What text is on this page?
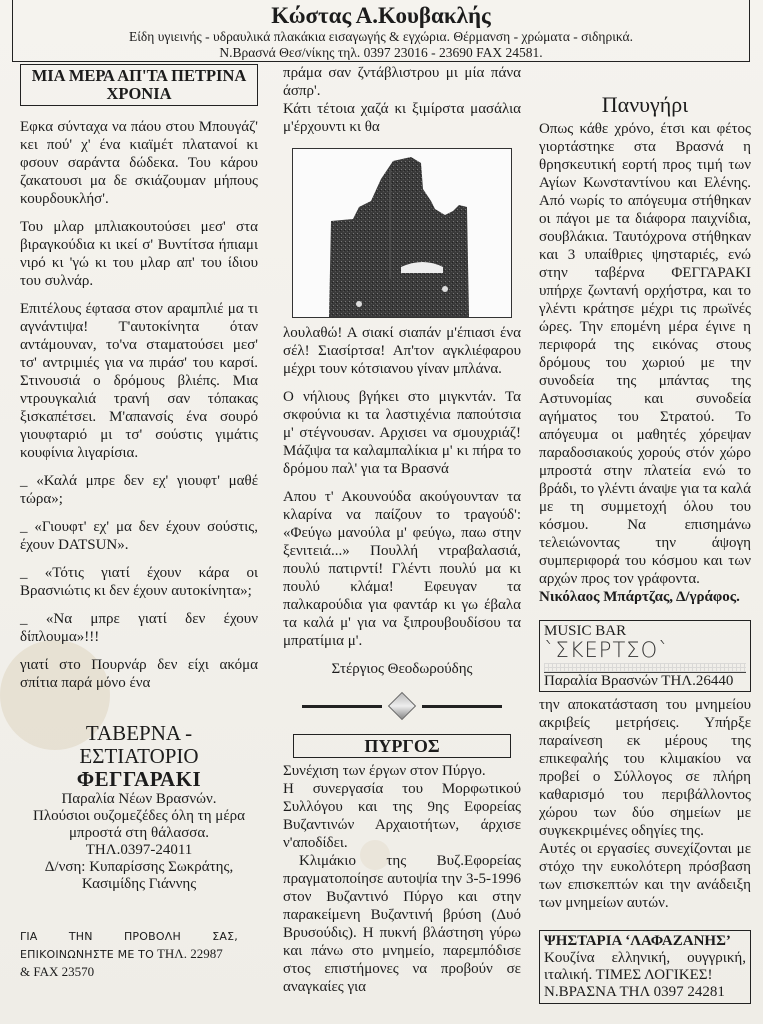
Κώστας Α.Κουβακλής
Είδη υγιεινής - υδραυλικά πλακάκια εισαγωγής & εγχώρια. Θέρμανση - χρώματα - σιδηρικά.
Ν.Βρασνά Θεσ/νίκης τηλ. 0397 23016 - 23690 FAX 24581.
ΜΙΑ ΜΕΡΑ ΑΠ'ΤΑ ΠΕΤΡΙΝΑ ΧΡΟΝΙΑ

Εφκα σύνταχα να πάου στου Μπουγάζ' κει πού' χ' ένα κιαϊμέτ πλατανοί κι φσουν σαράντα δώδεκα. Του κάρου ζακατουσι μα δε σκιάζουμαν μήπους κουρδουκλήσ'.

Του μλαρ μπλιακουτούσει μεσ' στα βιραγκούδια κι ικεί σ' Βυντίτσα ήπιαμι νιρό κι 'γώ κι του μλαρ απ' του ίδιου του συλνάρ.

Επιτέλους έφτασα στον αραμπλιέ μα τι αγνάντιψα! Τ'αυτοκίνητα όταν αντάμουναν, το'να σταματούσει μεσ' τσ' αντριμιές για να πιράσ' του καρσί. Στινουσιά ο δρόμους βλιέπς. Μια ντρουγκαλιά τρανή σαν τόπακας ξισκαπέτσει. Μ'απανσίς ένα σουρό γιουφταριό μι τσ' σούστις γιμάτις κουφίνια λιγαρίσια.

_ «Καλά μπρε δεν εχ' γιουφτ' μαθέ τώρα»;

_ «Γιουφτ' εχ' μα δεν έχουν σούστις, έχουν DATSUN».

_ «Τότις γιατί έχουν κάρα οι Βρασνιώτις κι δεν έχουν αυτοκίνητα»;

_ «Να μπρε γιατί δεν έχουν δίπλουμα»!!!

γιατί στο Πουρνάρ δεν είχι ακόμα σπίτια παρά μόνο ένα

ΤΑΒΕΡΝΑ -
ΕΣΤΙΑΤΟΡΙΟ
ΦΕΓΓΑΡΑΚΙ
Παραλία Νέων Βρασνών.
Πλούσιοι ουζομεζέδες όλη τη μέρα μπροστά στη θάλασσα.
ΤΗΛ.0397-24011
Δ/νση: Κυπαρίσσης Σωκράτης, Κασιμίδης Γιάννης
ΓΙΑ	ΤΗΝ	ΠΡΟΒΟΛΗ	ΣΑΣ,
ΕΠΙΚΟΙΝΩΝΗΣΤΕ ΜΕ ΤΟ ΤΗΛ. 22987
& FAX 23570

πράμα σαν ζντάβλιστρου μι μία πάνα άσπρ'.

Κάτι τέτοια χαζά κι ξιμίρστα μασάλια μ'έρχουντι κι θα

λουλαθώ! Α σιακί σιαπάν μ'έπιασι ένα σέλ! Σιασίρτσα! Απ'τον αγκλιέφαρου μέχρι τουν κότσιανου γίναν μπλάνα.

Ο νήλιους βγήκει στο μιγκντάν. Τα σκφούνια κι τα λαστιχένια παπούτσια μ' στέγνουσαν. Αρχισει να σμουχριάζ! Μάζιψα τα καλαμπαλίκια μ' κι πήρα το δρόμου παλ' για τα Βρασνά

Απου τ' Ακουνούδα ακούγουνταν τα κλαρίνα να παίζουν το τραγούδ': «Φεύγω μανούλα μ' φεύγω, παω στην ξενιτειά...» Πουλλή ντραβαλασιά, πουλύ πατιρντί! Γλέντι πουλύ μα κι πουλύ κλάμα! Εφευγαν τα παλκαρούδια για φαντάρ κι γω έβαλα τα καλά μ' για να ξιπρουβουδίσου τα μπρατίμια μ'.

Στέργιος Θεοδωρούδης
ΠΥΡΓΟΣ

Συνέχιση των έργων στον Πύργο.

Η συνεργασία του Μορφωτικού Συλλόγου και της 9ης Εφορείας Βυζαντινών Αρχαιοτήτων, άρχισε ν'αποδίδει.

Κλιμάκιο της Βυζ.Εφορείας πραγματοποίησε αυτοψία την 3-5-1996 στον Βυζαντινό Πύργο και στην παρακείμενη Βυζαντινή βρύση (Δυό Βρυσούδις). Η πυκνή βλάστηση γύρω και πάνω στο μνημείο, παρεμπόδισε στος επιστήμονες να προβούν σε αναγκαίες για

Πανυγήρι

Οπως κάθε χρόνο, έτσι και φέτος γιορτάστηκε στα Βρασνά η θρησκευτική εορτή προς τιμή των Αγίων Κωνσταντίνου και Ελένης. Από νωρίς το απόγευμα στήθηκαν οι πάγοι με τα διάφορα παιχνίδια, σουβλάκια. Ταυτόχρονα στήθηκαν και 3 υπαίθριες ψησταριές, ενώ στην ταβέρνα ΦΕΓΓΑΡΑΚΙ υπήρχε ζωντανή ορχήστρα, και το γλέντι κράτησε μέχρι τις πρωϊνές ώρες. Την επομένη μέρα έγινε η περιφορά της εικόνας στους δρόμους του χωριού με την συνοδεία της μπάντας της Αστυνομίας και συνοδεία αγήματος του Στρατού. Το απόγευμα οι μαθητές χόρεψαν παραδοσιακούς χορούς στόν χώρο μπροστά στην πλατεία ενώ το βράδι, το γλέντι άναψε για τα καλά με τη συμμετοχή όλου του κόσμου. Να επισημάνω τελειώνοντας την άψογη συμπεριφορά του κόσμου και των αρχών προς τον γράφοντα.

Νικόλαος Μπάρτζας, Δ/γράφος.
MUSIC BAR
`ΣΚΕΡΤΣΟ`
Παραλία Βρασνών ΤΗΛ.26440

την αποκατάσταση του μνημείου ακριβείς μετρήσεις. Υπήρξε παραίνεση εκ μέρους της επικεφαλής του κλιμακίου να προβεί ο Σύλλογος σε πλήρη καθαρισμό του περιβάλλοντος χώρου των δύο σημείων με συγκεκριμένες οδηγίες της.

Αυτές οι εργασίες συνεχίζονται με στόχο την ευκολότερη πρόσβαση των επισκεπτών και την ανάδειξη των μνημείων αυτών.

ΨΗΣΤΑΡΙΑ ‘ΛΑΦΑΖΑΝΗΣ’
Κουζίνα ελληνική, ουγγρική, ιταλική. ΤΙΜΕΣ ΛΟΓΙΚΕΣ!
Ν.ΒΡΑΣΝΑ ΤΗΛ 0397 24281
